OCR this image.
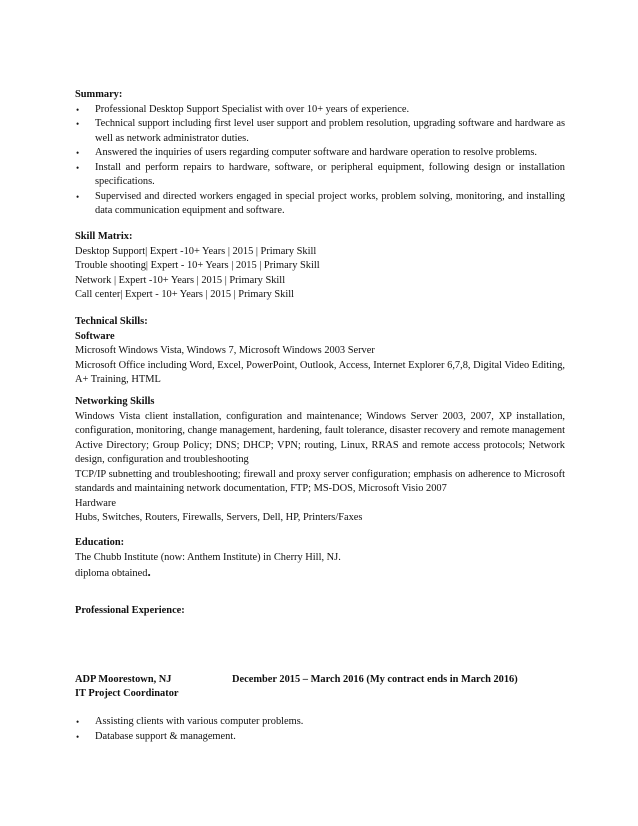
Summary:
• Professional Desktop Support Specialist with over 10+ years of experience.
• Technical support including first level user support and problem resolution, upgrading software and hardware as well as network administrator duties.
• Answered the inquiries of users regarding computer software and hardware operation to resolve problems.
• Install and perform repairs to hardware, software, or peripheral equipment, following design or installation specifications.
• Supervised and directed workers engaged in special project works, problem solving, monitoring, and installing data communication equipment and software.
Skill Matrix:
Desktop Support| Expert -10+ Years | 2015 | Primary Skill
Trouble shooting| Expert - 10+ Years | 2015 | Primary Skill
Network | Expert -10+ Years | 2015 | Primary Skill
Call center| Expert - 10+ Years | 2015 | Primary Skill
Technical Skills:
Software
Microsoft Windows Vista, Windows 7, Microsoft Windows 2003 Server
Microsoft Office including Word, Excel, PowerPoint, Outlook, Access, Internet Explorer 6,7,8, Digital Video Editing, A+ Training, HTML
Networking Skills
Windows Vista client installation, configuration and maintenance; Windows Server 2003, 2007, XP installation, configuration, monitoring, change management, hardening, fault tolerance, disaster recovery and remote management Active Directory; Group Policy; DNS; DHCP; VPN; routing, Linux, RRAS and remote access protocols; Network design, configuration and troubleshooting
TCP/IP subnetting and troubleshooting; firewall and proxy server configuration; emphasis on adherence to Microsoft standards and maintaining network documentation, FTP; MS-DOS, Microsoft Visio 2007
Hardware
Hubs, Switches, Routers, Firewalls, Servers, Dell, HP, Printers/Faxes
Education:
The Chubb Institute (now: Anthem Institute) in Cherry Hill, NJ.
diploma obtained.
Professional Experience:
ADP Moorestown, NJ	December 2015 – March 2016 (My contract ends in March 2016)
IT Project Coordinator
• Assisting clients with various computer problems.
• Database support & management.
